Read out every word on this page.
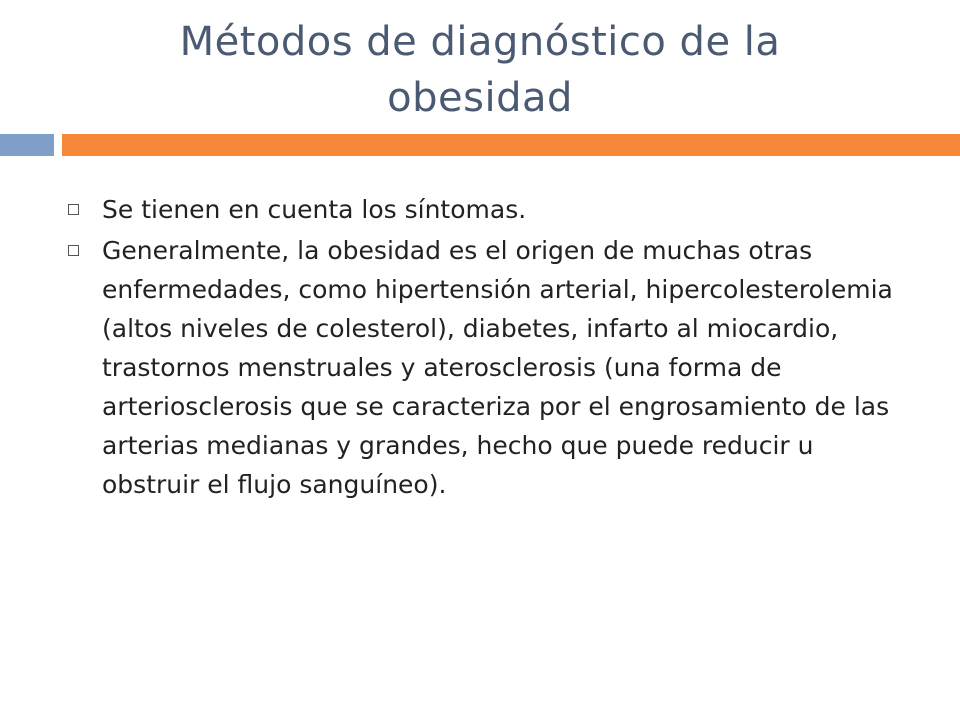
Métodos de diagnóstico de la
obesidad
Se tienen en cuenta los síntomas.
Generalmente, la obesidad es el origen de muchas otras enfermedades, como hipertensión arterial, hipercolesterolemia (altos niveles de colesterol), diabetes, infarto al miocardio, trastornos menstruales y aterosclerosis (una forma de arteriosclerosis que se caracteriza por el engrosamiento de las arterias medianas y grandes, hecho que puede reducir u obstruir el flujo sanguíneo).
